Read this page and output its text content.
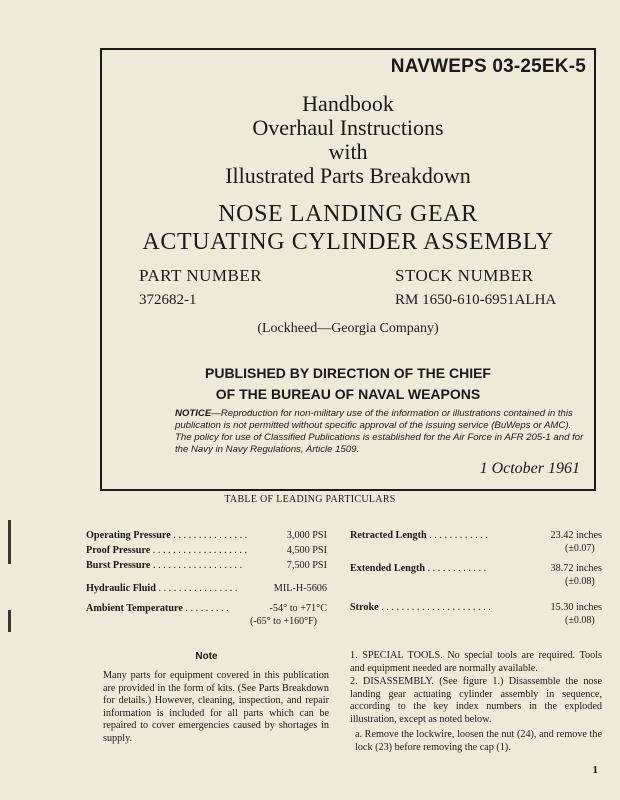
NAVWEPS 03-25EK-5
Handbook
Overhaul Instructions
with
Illustrated Parts Breakdown
NOSE LANDING GEAR
ACTUATING CYLINDER ASSEMBLY
PART NUMBER
372682-1
STOCK NUMBER
RM 1650-610-6951ALHA
(Lockheed—Georgia Company)
PUBLISHED BY DIRECTION OF THE CHIEF
OF THE BUREAU OF NAVAL WEAPONS
NOTICE—Reproduction for non-military use of the information or illustrations contained in this publication is not permitted without specific approval of the issuing service (BuWeps or AMC). The policy for use of Classified Publications is established for the Air Force in AFR 205-1 and for the Navy in Navy Regulations, Article 1509.
1 October 1961
TABLE OF LEADING PARTICULARS
Operating Pressure . . . . . . . . . . . . . . .	3,000 PSI
Proof Pressure . . . . . . . . . . . . . . . . . . .	4,500 PSI
Burst Pressure . . . . . . . . . . . . . . . . . .	7,500 PSI
Hydraulic Fluid . . . . . . . . . . . . . . . .	MIL-H-5606
Ambient Temperature . . . . . . . . .	-54° to +71°C
(-65° to +160°F)
Retracted Length . . . . . . . . . . . .	23.42 inches
(±0.07)
Extended Length . . . . . . . . . . . .	38.72 inches
(±0.08)
Stroke . . . . . . . . . . . . . . . . . . . . . .	15.30 inches
(±0.08)
Note
Many parts for equipment covered in this publication are provided in the form of kits. (See Parts Breakdown for details.) However, cleaning, inspection, and repair information is included for all parts which can be repaired to cover emergencies caused by shortages in supply.
1. SPECIAL TOOLS. No special tools are required. Tools and equipment needed are normally available.
2. DISASSEMBLY. (See figure 1.) Disassemble the nose landing gear actuating cylinder assembly in sequence, according to the key index numbers in the exploded illustration, except as noted below.
a. Remove the lockwire, loosen the nut (24), and remove the lock (23) before removing the cap (1).
1
